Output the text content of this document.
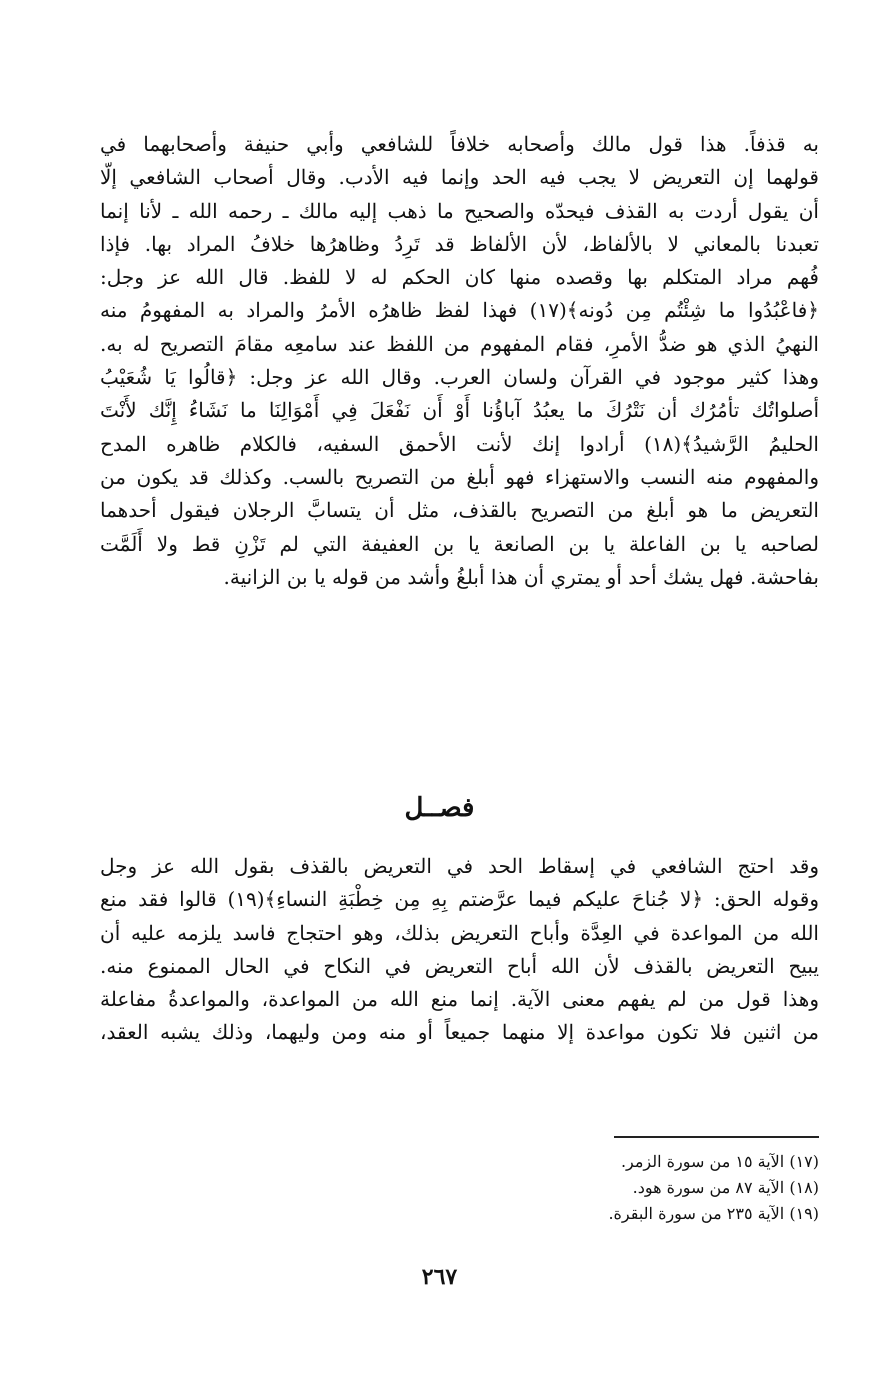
به قذفاً. هذا قول مالك وأصحابه خلافاً للشافعي وأبي حنيفة وأصحابهما في
قولهما إن التعريض لا يجب فيه الحد وإنما فيه الأدب. وقال أصحاب الشافعي إلّا
أن يقول أردت به القذف فيحدّه والصحيح ما ذهب إليه مالك ـ رحمه الله ـ لأنا إنما
تعبدنا بالمعاني لا بالألفاظ، لأن الألفاظ قد تَرِدُ وظاهرُها خلافُ المراد بها. فإذا
فُهم مراد المتكلم بها وقصده منها كان الحكم له لا للفظ. قال الله عز وجل:
﴿فاعْبُدُوا ما شِئْتُم مِن دُونه﴾(١٧) فهذا لفظ ظاهرُه الأمرُ والمراد به المفهومُ منه
النهيُ الذي هو ضدُّ الأمرِ، فقام المفهوم من اللفظ عند سامعِه مقامَ التصريح له به.
وهذا كثير موجود في القرآن ولسان العرب. وقال الله عز وجل: ﴿قالُوا يَا شُعَيْبُ
أصلواتُك تأمُرُك أن نَتْرُكَ ما يعبُدُ آباؤُنا أَوْ أَن نَفْعَلَ فِي أَمْوَالِنَا ما نَشَاءُ إِنَّك لأَنْتَ
الحليمُ الرَّشيدُ﴾(١٨) أرادوا إنك لأنت الأحمق السفيه، فالكلام ظاهره المدح
والمفهوم منه النسب والاستهزاء فهو أبلغ من التصريح بالسب. وكذلك قد يكون من
التعريض ما هو أبلغ من التصريح بالقذف، مثل أن يتسابَّ الرجلان فيقول أحدهما
لصاحبه يا بن الفاعلة يا بن الصانعة يا بن العفيفة التي لم تَزْنِ قط ولا أَلَمَّت
بفاحشة. فهل يشك أحد أو يمتري أن هذا أبلغُ وأشد من قوله يا بن الزانية.
فصــل
وقد احتج الشافعي في إسقاط الحد في التعريض بالقذف بقول الله عز وجل
وقوله الحق: ﴿لا جُناحَ عليكم فيما عرَّضتم بِهِ مِن خِطْبَةِ النساءِ﴾(١٩) قالوا فقد منع
الله من المواعدة في العِدَّة وأباح التعريض بذلك، وهو احتجاج فاسد يلزمه عليه أن
يبيح التعريض بالقذف لأن الله أباح التعريض في النكاح في الحال الممنوع منه.
وهذا قول من لم يفهم معنى الآية. إنما منع الله من المواعدة، والمواعدةُ مفاعلة
من اثنين فلا تكون مواعدة إلا منهما جميعاً أو منه ومن وليهما، وذلك يشبه العقد،
(١٧) الآية ١٥ من سورة الزمر.
(١٨) الآية ٨٧ من سورة هود.
(١٩) الآية ٢٣٥ من سورة البقرة.
٢٦٧
